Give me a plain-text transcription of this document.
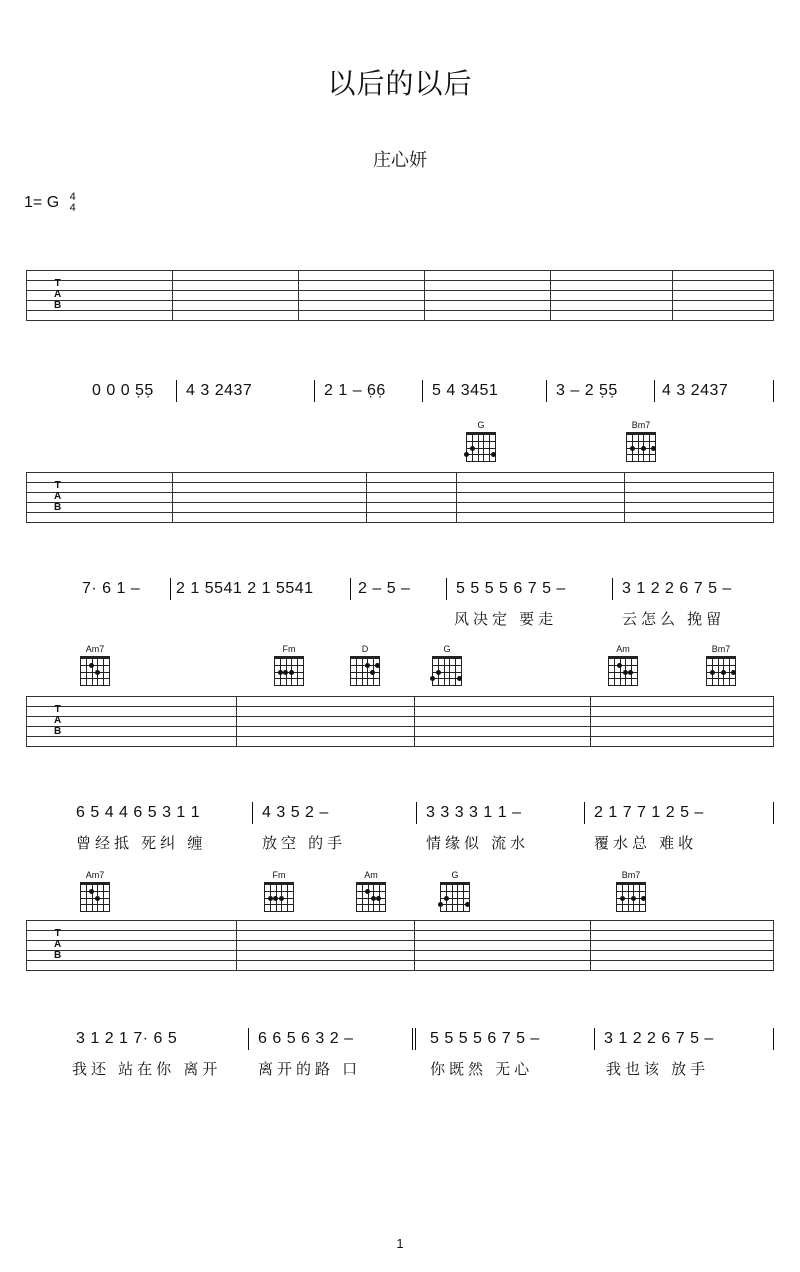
以后的以后
庄心妍
1= G 4
4
T
A
B
0 0 0 5̣5̣ 4 3 2437	2 1 – 6̣6̣	5 4 3451	3 – 2 5̣5̣	4 3 2437
G	Bm7
T
A
B
7· 6 1 – 2 1 5541 2 1 5541	2 – 5 –	5 5 5 5 6 7 5 –	3 1 2 2 6 7 5 –
风决定 要走	云怎么 挽留
Am7	Fm	D	G	Am	Bm7
T
A
B
6 5 4 4 6 5 3 1 1	4 3 5 2 –	3 3 3 3 1 1 –	2 1 7 7 1 2 5 –
曾经抵 死纠 缠	放空 的手	情缘似 流水	覆水总 难收
Am7	Fm	Am	G	Bm7
T
A
B
3 1 2 1 7· 6 5	6 6 5 6 3 2 –	5 5 5 5 6 7 5 –	3 1 2 2 6 7 5 –
我还 站在你 离开 离开的路 口	你既然 无心	我也该 放手
1
